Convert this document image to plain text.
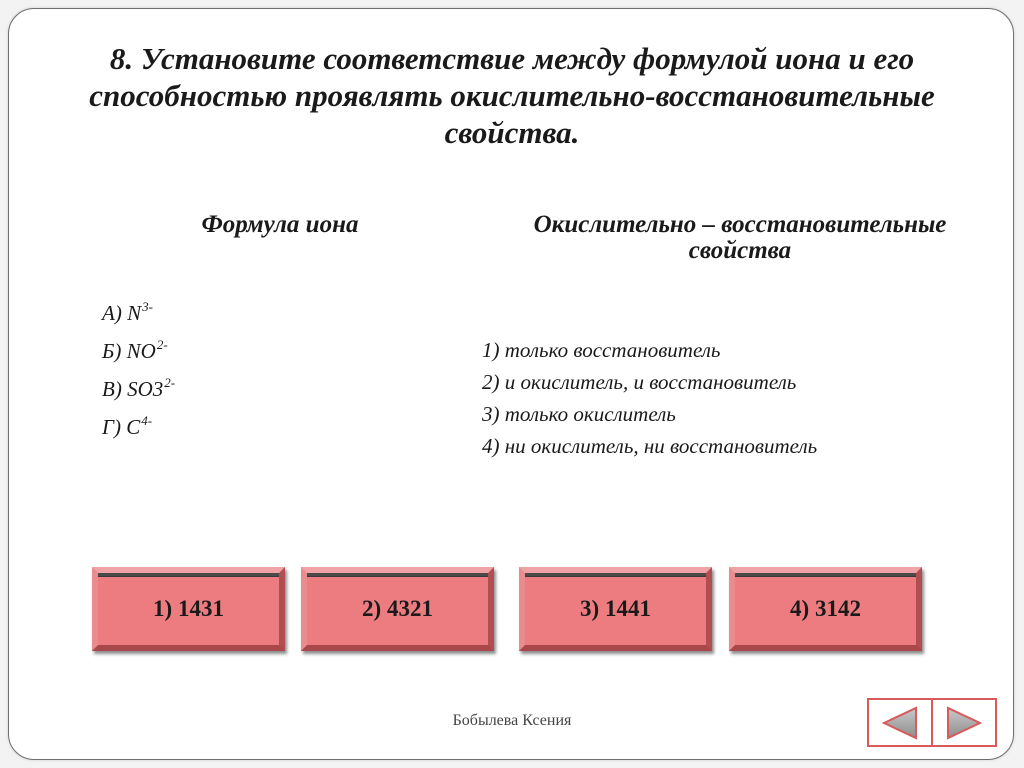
8. Установите соответствие между формулой иона и его способностью проявлять окислительно-восстановительные свойства.
Формула иона	Окислительно – восстановительные свойства
А) $N^{3-}$
Б) $NO^{2-}$
В) $SO3^{2-}$
Г) $C^{4-}$
1) только восстановитель
2) и окислитель, и восстановитель
3) только окислитель
4) ни окислитель, ни восстановитель
1) 1431	2) 4321	3) 1441	4) 3142
Бобылева Ксения
